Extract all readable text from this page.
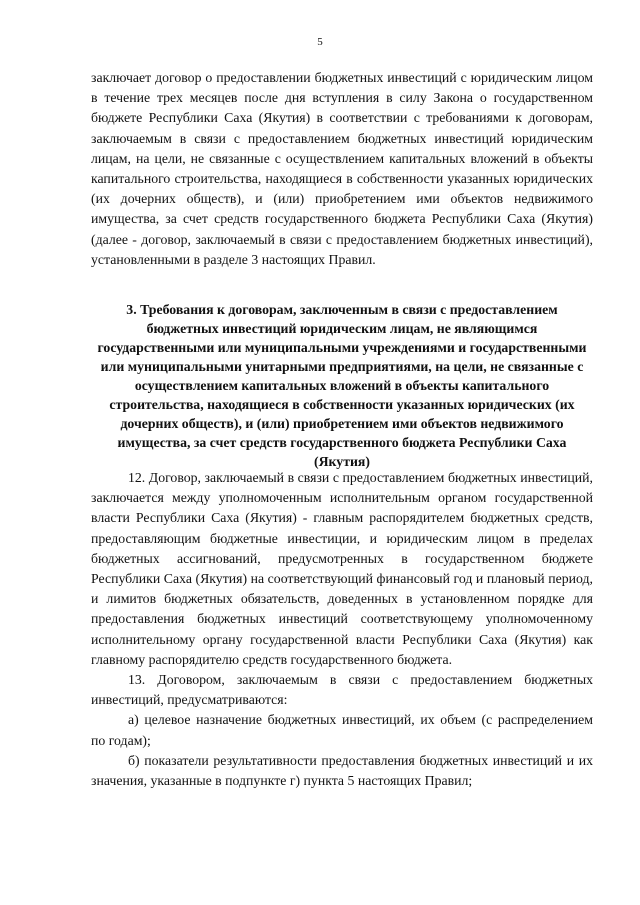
5

заключает договор о предоставлении бюджетных инвестиций с юридическим лицом в течение трех месяцев после дня вступления в силу Закона о государственном бюджете Республики Саха (Якутия) в соответствии с требованиями к договорам, заключаемым в связи с предоставлением бюджетных инвестиций юридическим лицам, на цели, не связанные с осуществлением капитальных вложений в объекты капитального строительства, находящиеся в собственности указанных юридических (их дочерних обществ), и (или) приобретением ими объектов недвижимого имущества, за счет средств государственного бюджета Республики Саха (Якутия) (далее - договор, заключаемый в связи с предоставлением бюджетных инвестиций), установленными в разделе 3 настоящих Правил.

3. Требования к договорам, заключенным в связи с предоставлением бюджетных инвестиций юридическим лицам, не являющимся государственными или муниципальными учреждениями и государственными или муниципальными унитарными предприятиями, на цели, не связанные с осуществлением капитальных вложений в объекты капитального строительства, находящиеся в собственности указанных юридических (их дочерних обществ), и (или) приобретением ими объектов недвижимого имущества, за счет средств государственного бюджета Республики Саха (Якутия)

12. Договор, заключаемый в связи с предоставлением бюджетных инвестиций, заключается между уполномоченным исполнительным органом государственной власти Республики Саха (Якутия) - главным распорядителем бюджетных средств, предоставляющим бюджетные инвестиции, и юридическим лицом в пределах бюджетных ассигнований, предусмотренных в государственном бюджете Республики Саха (Якутия) на соответствующий финансовый год и плановый период, и лимитов бюджетных обязательств, доведенных в установленном порядке для предоставления бюджетных инвестиций соответствующему уполномоченному исполнительному органу государственной власти Республики Саха (Якутия) как главному распорядителю средств государственного бюджета.

13. Договором, заключаемым в связи с предоставлением бюджетных инвестиций, предусматриваются:

а) целевое назначение бюджетных инвестиций, их объем (с распределением по годам);

б) показатели результативности предоставления бюджетных инвестиций и их значения, указанные в подпункте г) пункта 5 настоящих Правил;
